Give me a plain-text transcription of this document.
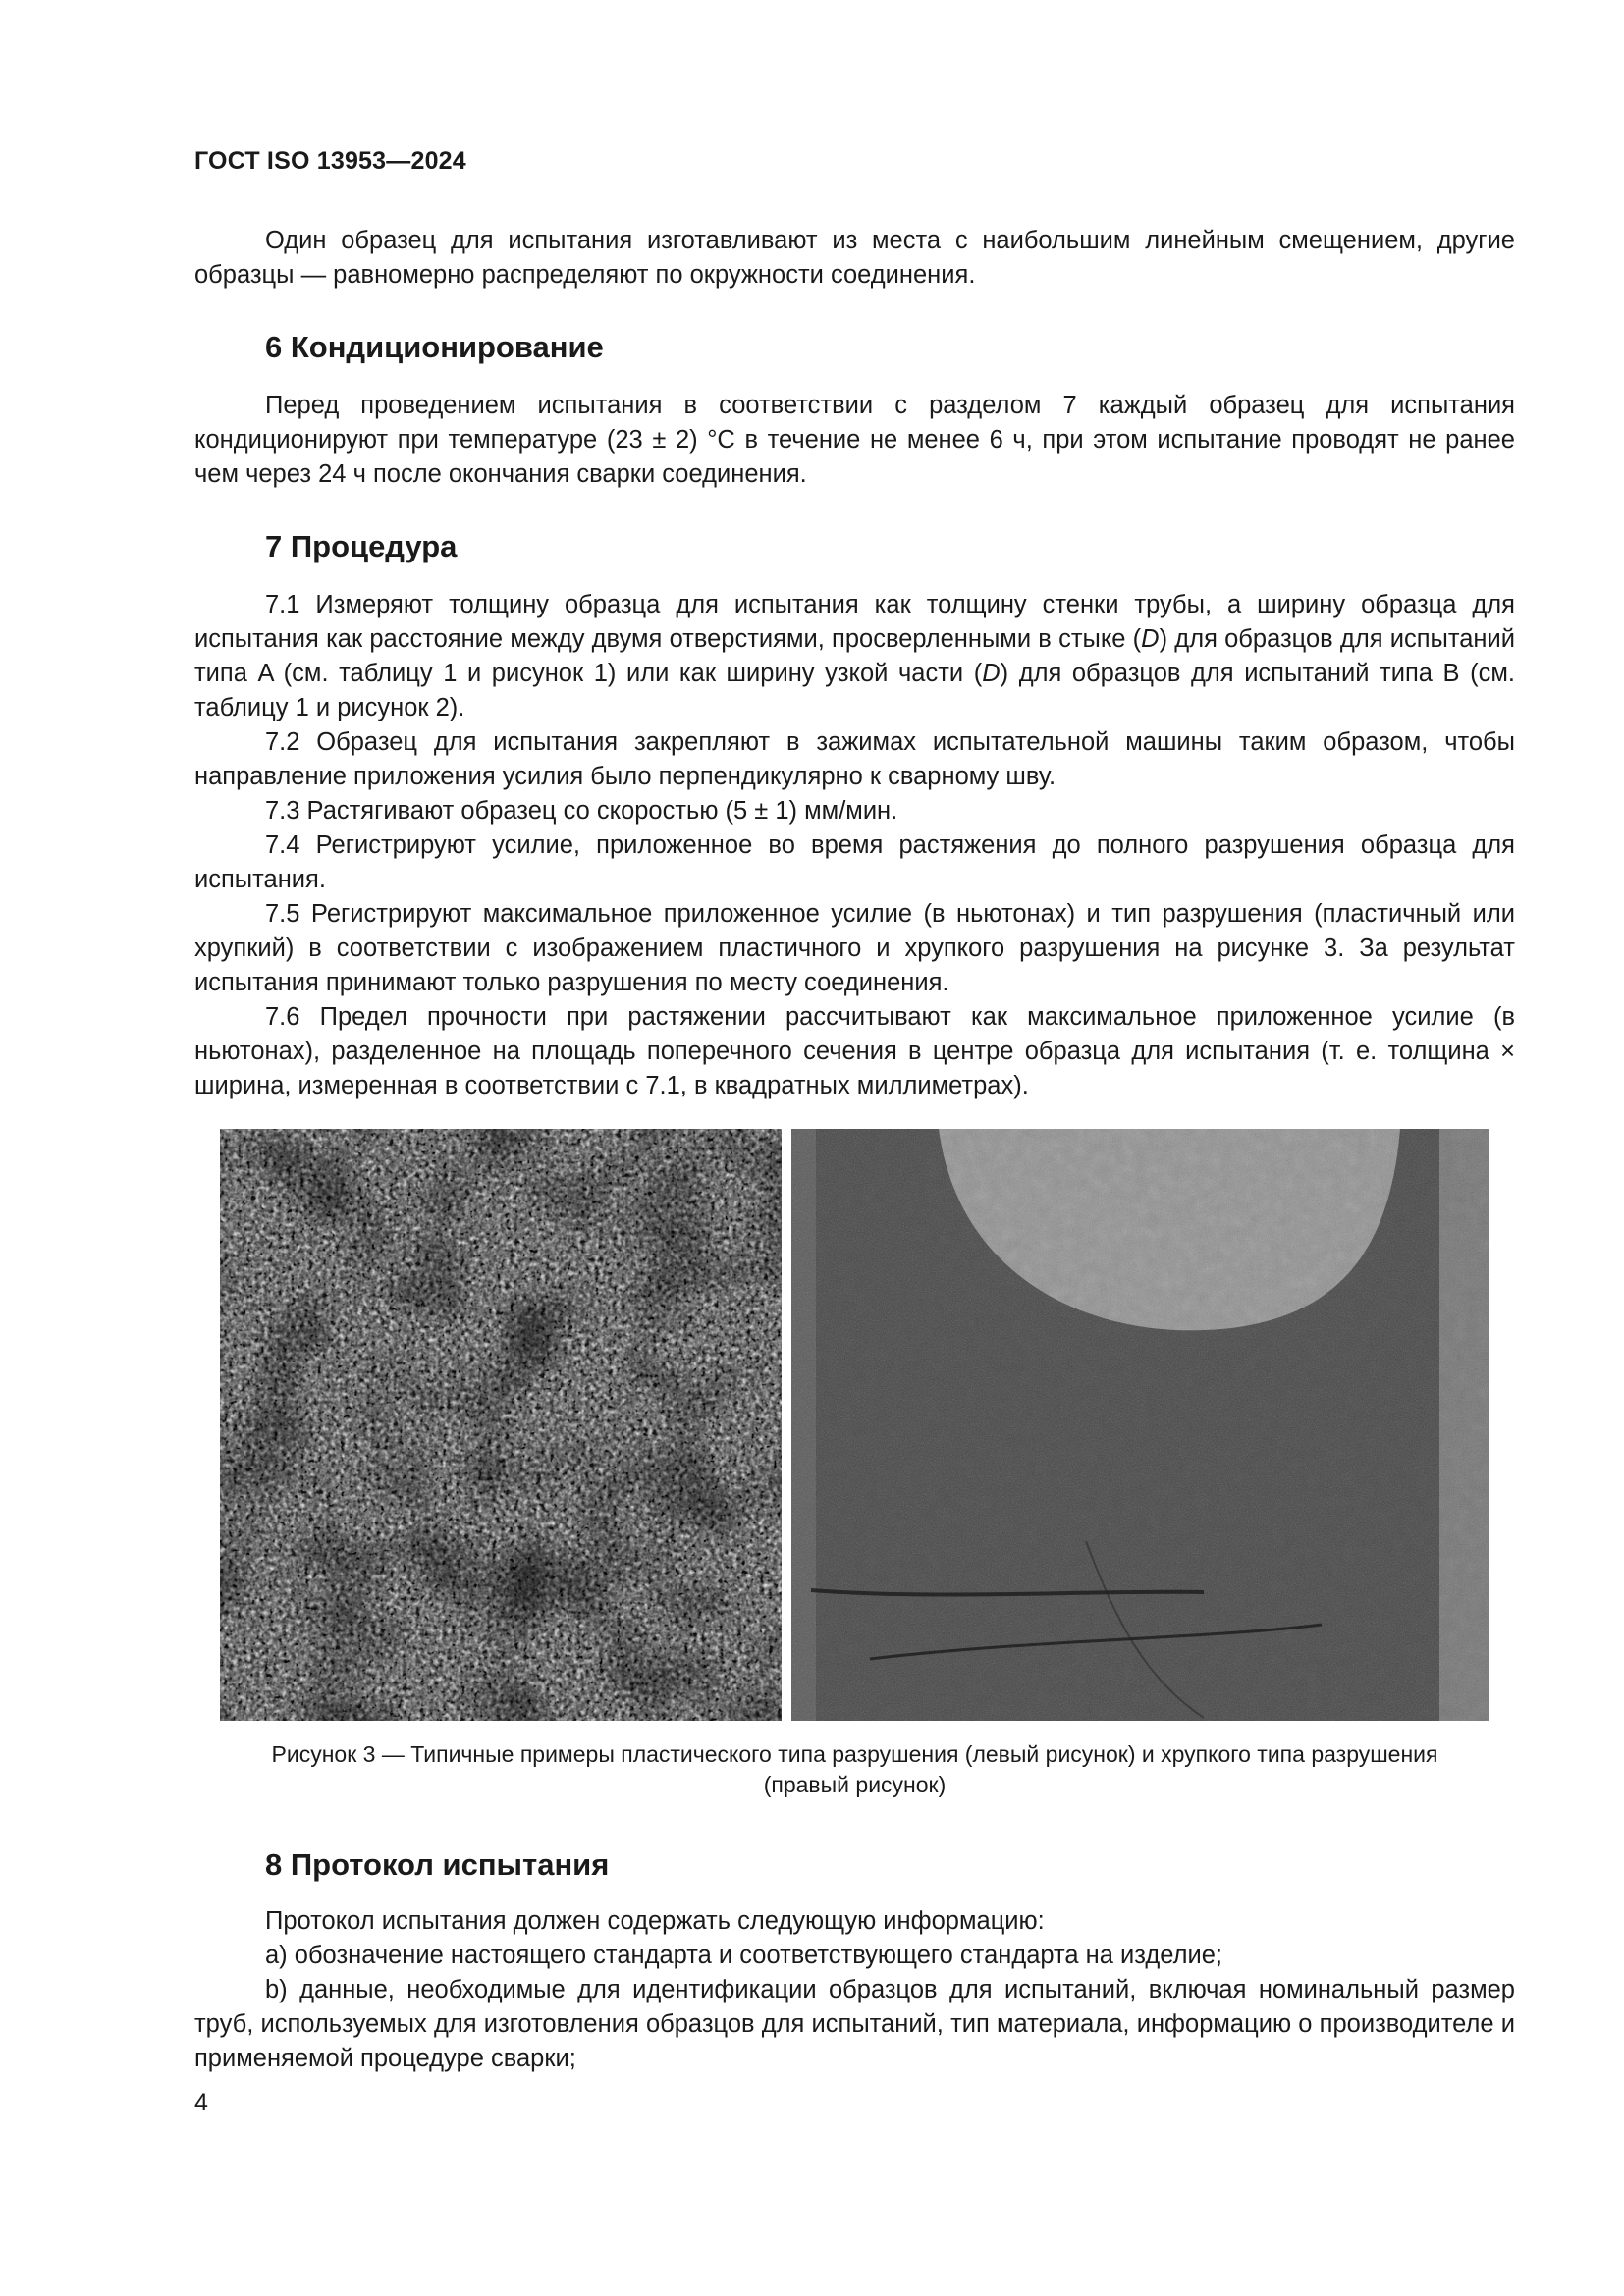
ГОСТ ISO 13953—2024

Один образец для испытания изготавливают из места с наибольшим линейным смещением, другие образцы — равномерно распределяют по окружности соединения.

6 Кондиционирование

Перед проведением испытания в соответствии с разделом 7 каждый образец для испытания кондиционируют при температуре (23 ± 2) °C в течение не менее 6 ч, при этом испытание проводят не ранее чем через 24 ч после окончания сварки соединения.

7 Процедура

7.1 Измеряют толщину образца для испытания как толщину стенки трубы, а ширину образца для испытания как расстояние между двумя отверстиями, просверленными в стыке (D) для образцов для испытаний типа A (см. таблицу 1 и рисунок 1) или как ширину узкой части (D) для образцов для испытаний типа B (см. таблицу 1 и рисунок 2).

7.2 Образец для испытания закрепляют в зажимах испытательной машины таким образом, чтобы направление приложения усилия было перпендикулярно к сварному шву.

7.3 Растягивают образец со скоростью (5 ± 1) мм/мин.

7.4 Регистрируют усилие, приложенное во время растяжения до полного разрушения образца для испытания.

7.5 Регистрируют максимальное приложенное усилие (в ньютонах) и тип разрушения (пластичный или хрупкий) в соответствии с изображением пластичного и хрупкого разрушения на рисунке 3. За результат испытания принимают только разрушения по месту соединения.

7.6 Предел прочности при растяжении рассчитывают как максимальное приложенное усилие (в ньютонах), разделенное на площадь поперечного сечения в центре образца для испытания (т. е. толщина × ширина, измеренная в соответствии с 7.1, в квадратных миллиметрах).

Рисунок 3 — Типичные примеры пластического типа разрушения (левый рисунок) и хрупкого типа разрушения
(правый рисунок)
8 Протокол испытания

Протокол испытания должен содержать следующую информацию:

a) обозначение настоящего стандарта и соответствующего стандарта на изделие;

b) данные, необходимые для идентификации образцов для испытаний, включая номинальный размер труб, используемых для изготовления образцов для испытаний, тип материала, информацию о производителе и применяемой процедуре сварки;

4
